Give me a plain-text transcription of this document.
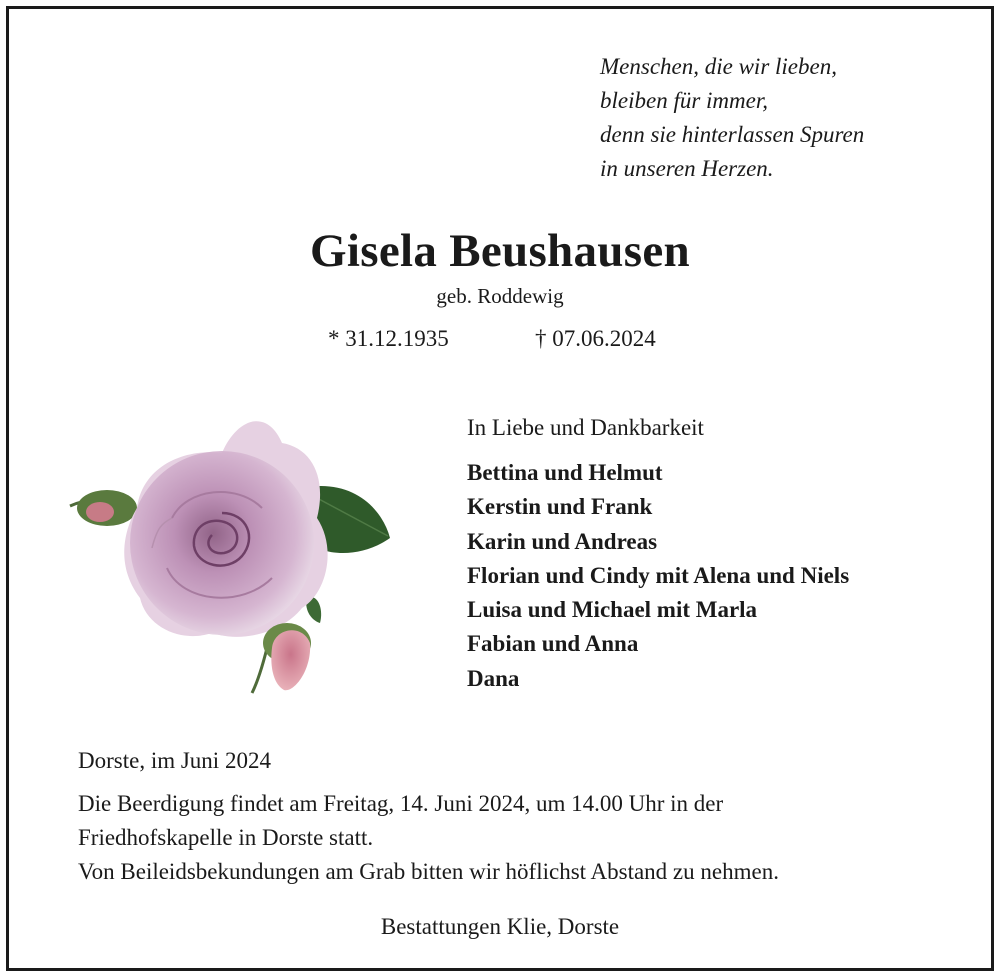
Menschen, die wir lieben,
bleiben für immer,
denn sie hinterlassen Spuren
in unseren Herzen.
Gisela Beushausen
geb. Roddewig
* 31.12.1935	† 07.06.2024
In Liebe und Dankbarkeit
Bettina und Helmut
Kerstin und Frank
Karin und Andreas
Florian und Cindy mit Alena und Niels
Luisa und Michael mit Marla
Fabian und Anna
Dana
Dorste, im Juni 2024
Die Beerdigung findet am Freitag, 14. Juni 2024, um 14.00 Uhr in der
Friedhofskapelle in Dorste statt.
Von Beileidsbekundungen am Grab bitten wir höflichst Abstand zu nehmen.
Bestattungen Klie, Dorste
